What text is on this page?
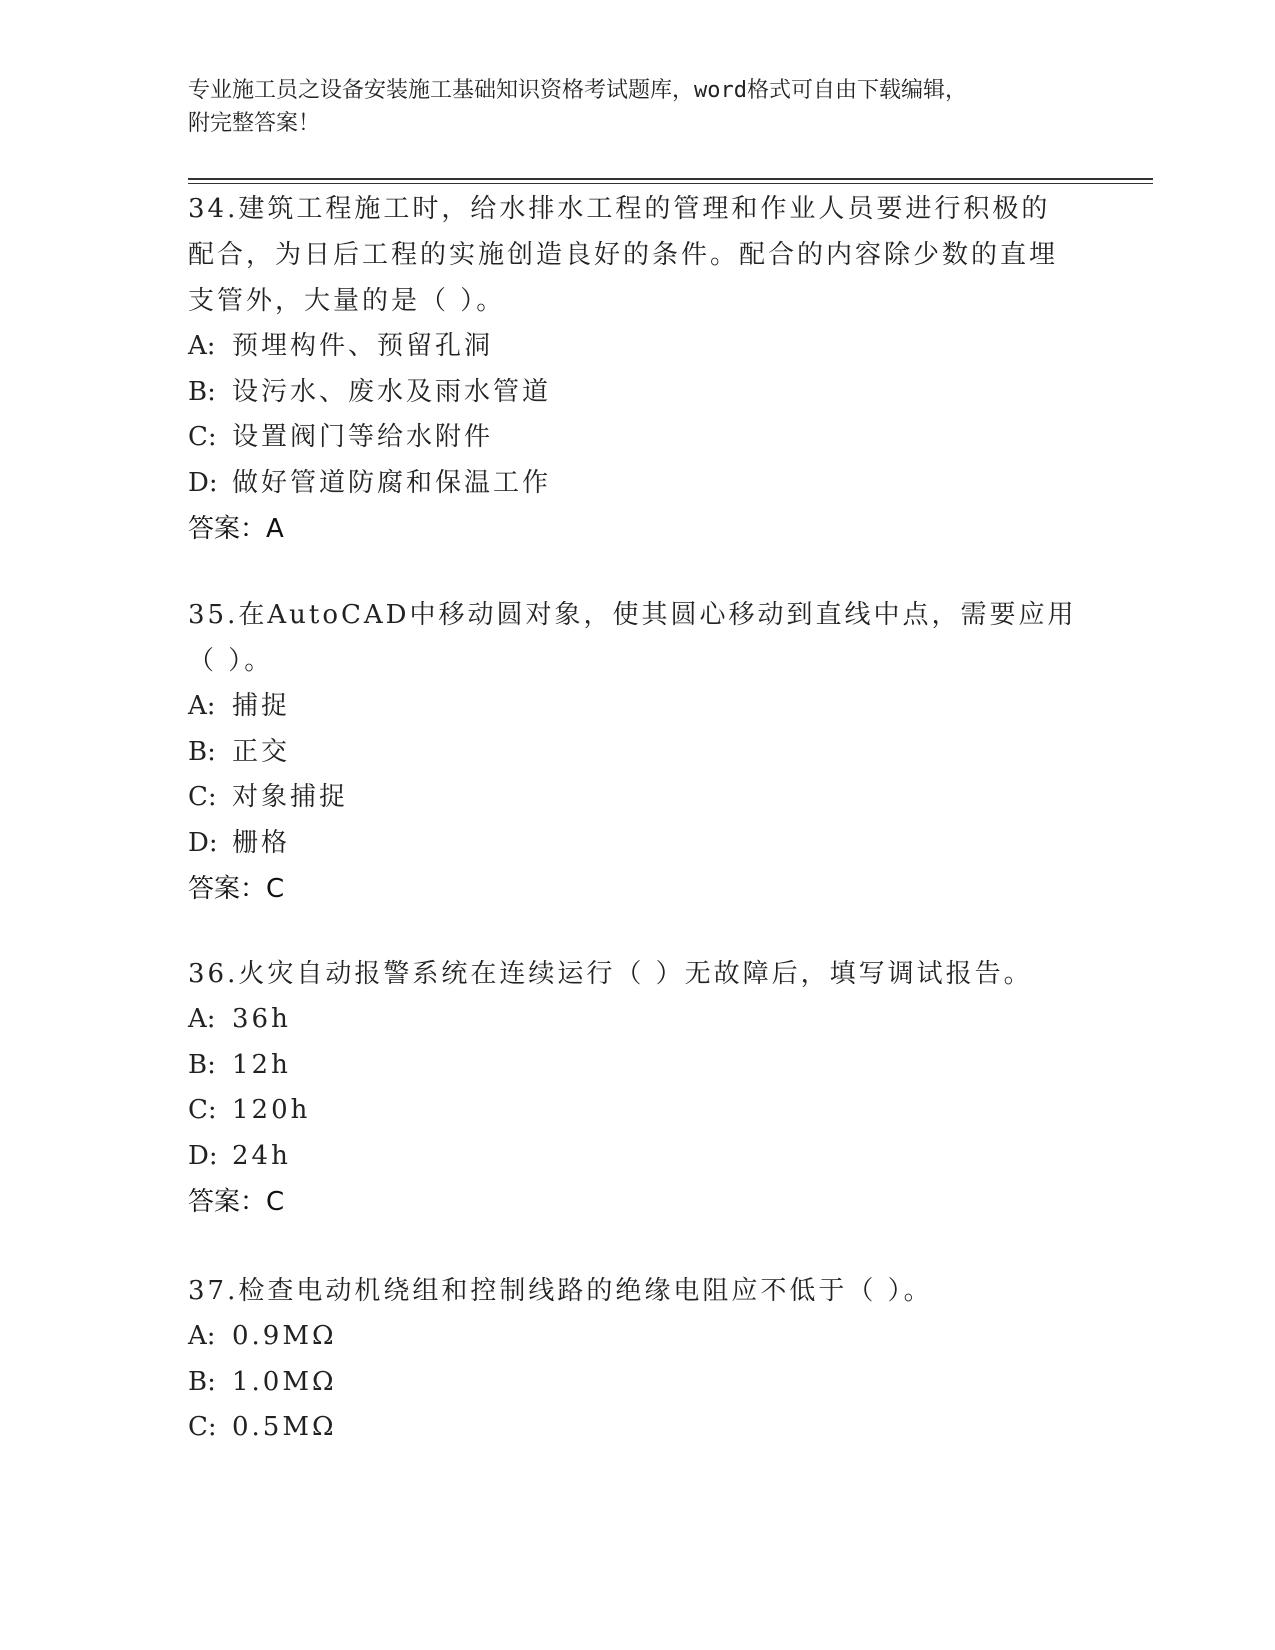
专业施工员之设备安装施工基础知识资格考试题库，word格式可自由下载编辑，
附完整答案！

34.建筑工程施工时，给水排水工程的管理和作业人员要进行积极的配合，为日后工程的实施创造良好的条件。配合的内容除少数的直埋支管外，大量的是（ ）。

A: 预埋构件、预留孔洞

B: 设污水、废水及雨水管道

C: 设置阀门等给水附件

D: 做好管道防腐和保温工作

答案：A

35.在AutoCAD中移动圆对象，使其圆心移动到直线中点，需要应用（ ）。

A: 捕捉

B: 正交

C: 对象捕捉

D: 栅格

答案：C

36.火灾自动报警系统在连续运行（ ）无故障后，填写调试报告。

A: 36h

B: 12h

C: 120h

D: 24h

答案：C

37.检查电动机绕组和控制线路的绝缘电阻应不低于（ ）。

A: 0.9MΩ

B: 1.0MΩ

C: 0.5MΩ
